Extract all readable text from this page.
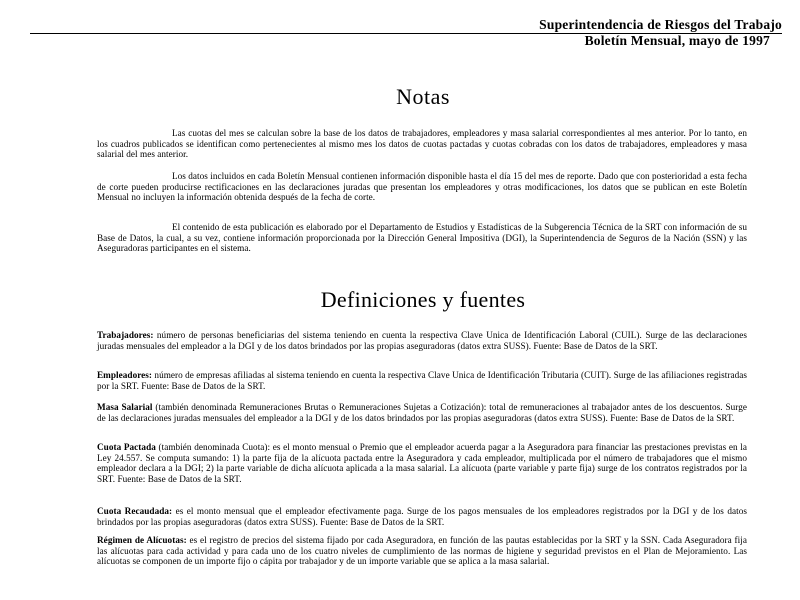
Superintendencia de Riesgos del Trabajo
Boletín Mensual, mayo de 1997
Notas

Las cuotas del mes se calculan sobre la base de los datos de trabajadores, empleadores y masa salarial correspondientes al mes anterior. Por lo tanto, en los cuadros publicados se identifican como pertenecientes al mismo mes los datos de cuotas pactadas y cuotas cobradas con los datos de trabajadores, empleadores y masa salarial del mes anterior.

Los datos incluidos en cada Boletín Mensual contienen información disponible hasta el día 15 del mes de reporte. Dado que con posterioridad a esta fecha de corte pueden producirse rectificaciones en las declaraciones juradas que presentan los empleadores y otras modificaciones, los datos que se publican en este Boletín Mensual no incluyen la información obtenida después de la fecha de corte.

El contenido de esta publicación es elaborado por el Departamento de Estudios y Estadísticas de la Subgerencia Técnica de la SRT con información de su Base de Datos, la cual, a su vez, contiene información proporcionada por la Dirección General Impositiva (DGI), la Superintendencia de Seguros de la Nación (SSN) y las Aseguradoras participantes en el sistema.

Definiciones y fuentes

Trabajadores: número de personas beneficiarias del sistema teniendo en cuenta la respectiva Clave Unica de Identificación Laboral (CUIL). Surge de las declaraciones juradas mensuales del empleador a la DGI y de los datos brindados por las propias aseguradoras (datos extra SUSS). Fuente: Base de Datos de la SRT.

Empleadores: número de empresas afiliadas al sistema teniendo en cuenta la respectiva Clave Unica de Identificación Tributaria (CUIT). Surge de las afiliaciones registradas por la SRT. Fuente: Base de Datos de la SRT.

Masa Salarial (también denominada Remuneraciones Brutas o Remuneraciones Sujetas a Cotización): total de remuneraciones al trabajador antes de los descuentos. Surge de las declaraciones juradas mensuales del empleador a la DGI y de los datos brindados por las propias aseguradoras (datos extra SUSS). Fuente: Base de Datos de la SRT.

Cuota Pactada (también denominada Cuota): es el monto mensual o Premio que el empleador acuerda pagar a la Aseguradora para financiar las prestaciones previstas en la Ley 24.557. Se computa sumando: 1) la parte fija de la alícuota pactada entre la Aseguradora y cada empleador, multiplicada por el número de trabajadores que el mismo empleador declara a la DGI; 2) la parte variable de dicha alícuota aplicada a la masa salarial. La alícuota (parte variable y parte fija) surge de los contratos registrados por la SRT. Fuente: Base de Datos de la SRT.

Cuota Recaudada: es el monto mensual que el empleador efectivamente paga. Surge de los pagos mensuales de los empleadores registrados por la DGI y de los datos brindados por las propias aseguradoras (datos extra SUSS). Fuente: Base de Datos de la SRT.

Régimen de Alícuotas: es el registro de precios del sistema fijado por cada Aseguradora, en función de las pautas establecidas por la SRT y la SSN. Cada Aseguradora fija las alícuotas para cada actividad y para cada uno de los cuatro niveles de cumplimiento de las normas de higiene y seguridad previstos en el Plan de Mejoramiento. Las alícuotas se componen de un importe fijo o cápita por trabajador y de un importe variable que se aplica a la masa salarial.
